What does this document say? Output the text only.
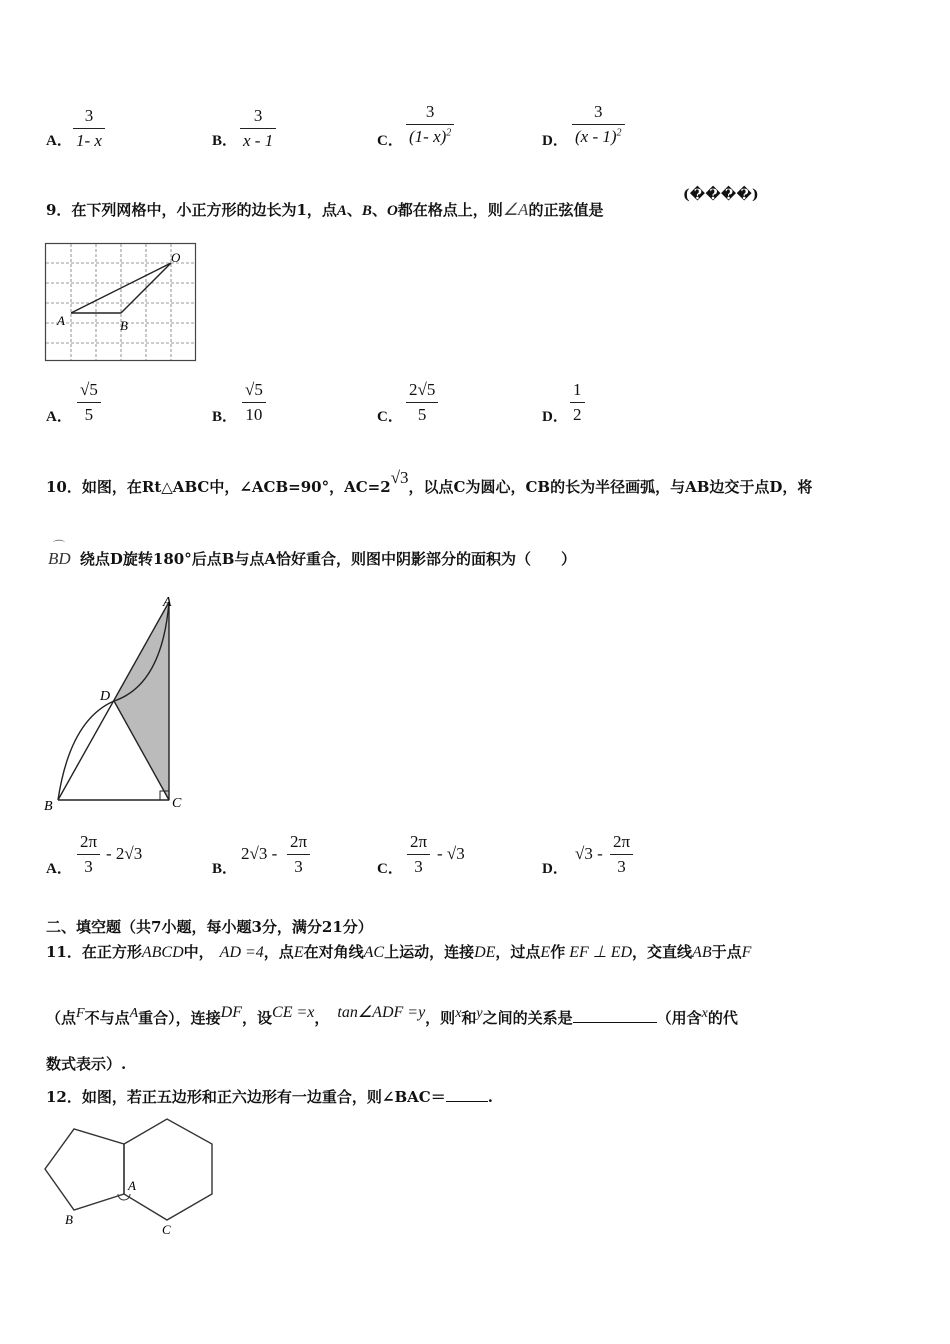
A． $\frac{3}{1- x}$	B． $\frac{3}{x - 1}$	C． $\frac{3}{(1- x)^2}$	D． $\frac{3}{(x - 1)^2}$
9．在下列网格中，小正方形的边长为1，点A、B、O都在格点上，则∠A的正弦值是
(����)
A	B
O
A． $\frac{√5}{5}$	B． $\frac{√5}{10}$	C． $\frac{2√5}{5}$	D． $\frac{1}{2}$
10．如图，在Rt△ABC中，∠ACB=90°，AC=2√3，以点C为圆心，CB的长为半径画弧，与AB边交于点D，将
⌒
BD 绕点D旋转180°后点B与点A恰好重合，则图中阴影部分的面积为（　　）
A
B	C
D
A． $\frac{2\pi}{3} - 2√3$
B．
$2√3 - \frac{2\pi}{3}$	C． $\frac{2\pi}{3} - √3$
D．
$√3 - \frac{2\pi}{3}$
二、填空题（共7小题，每小题3分，满分21分）
11．在正方形ABCD中， AD =4，点E在对角线AC上运动，连接DE，过点E作 EF ⊥ ED，交直线AB于点F
（点$^F$不与点$^A$重合），连接$^{DF}$，设$^{CE =x}$， $^{tan\angle ADF =y}$，则$^x$和$^y$之间的关系是	（用含$^x$的代
数式表示）.
12．如图，若正五边形和正六边形有一边重合，则∠BAC＝	.
A
B
C
